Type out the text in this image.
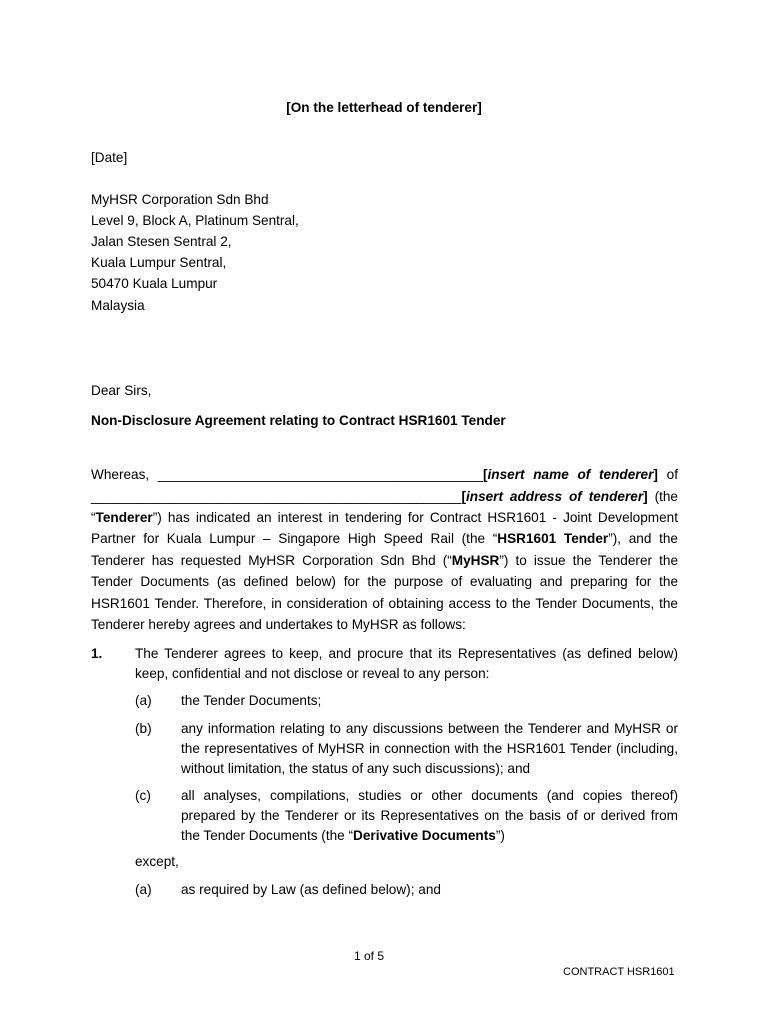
[On the letterhead of tenderer]
[Date]
MyHSR Corporation Sdn Bhd
Level 9, Block A, Platinum Sentral,
Jalan Stesen Sentral 2,
Kuala Lumpur Sentral,
50470 Kuala Lumpur
Malaysia
Dear Sirs,
Non-Disclosure Agreement relating to Contract HSR1601 Tender
Whereas, ___________________________________________[insert name of tenderer] of
_________________________________________________[insert address of tenderer] (the
“Tenderer”) has indicated an interest in tendering for Contract HSR1601 - Joint Development
Partner for Kuala Lumpur – Singapore High Speed Rail (the “HSR1601 Tender”), and the
Tenderer has requested MyHSR Corporation Sdn Bhd (“MyHSR”) to issue the Tenderer the
Tender Documents (as defined below) for the purpose of evaluating and preparing for the
HSR1601 Tender. Therefore, in consideration of obtaining access to the Tender Documents, the
Tenderer hereby agrees and undertakes to MyHSR as follows:
1. The Tenderer agrees to keep, and procure that its Representatives (as defined below)
keep, confidential and not disclose or reveal to any person:
(a) the Tender Documents;
(b) any information relating to any discussions between the Tenderer and MyHSR or
the representatives of MyHSR in connection with the HSR1601 Tender (including,
without limitation, the status of any such discussions); and
(c) all analyses, compilations, studies or other documents (and copies thereof)
prepared by the Tenderer or its Representatives on the basis of or derived from
the Tender Documents (the “Derivative Documents”)
except,
(a) as required by Law (as defined below); and
1 of 5
CONTRACT HSR1601
